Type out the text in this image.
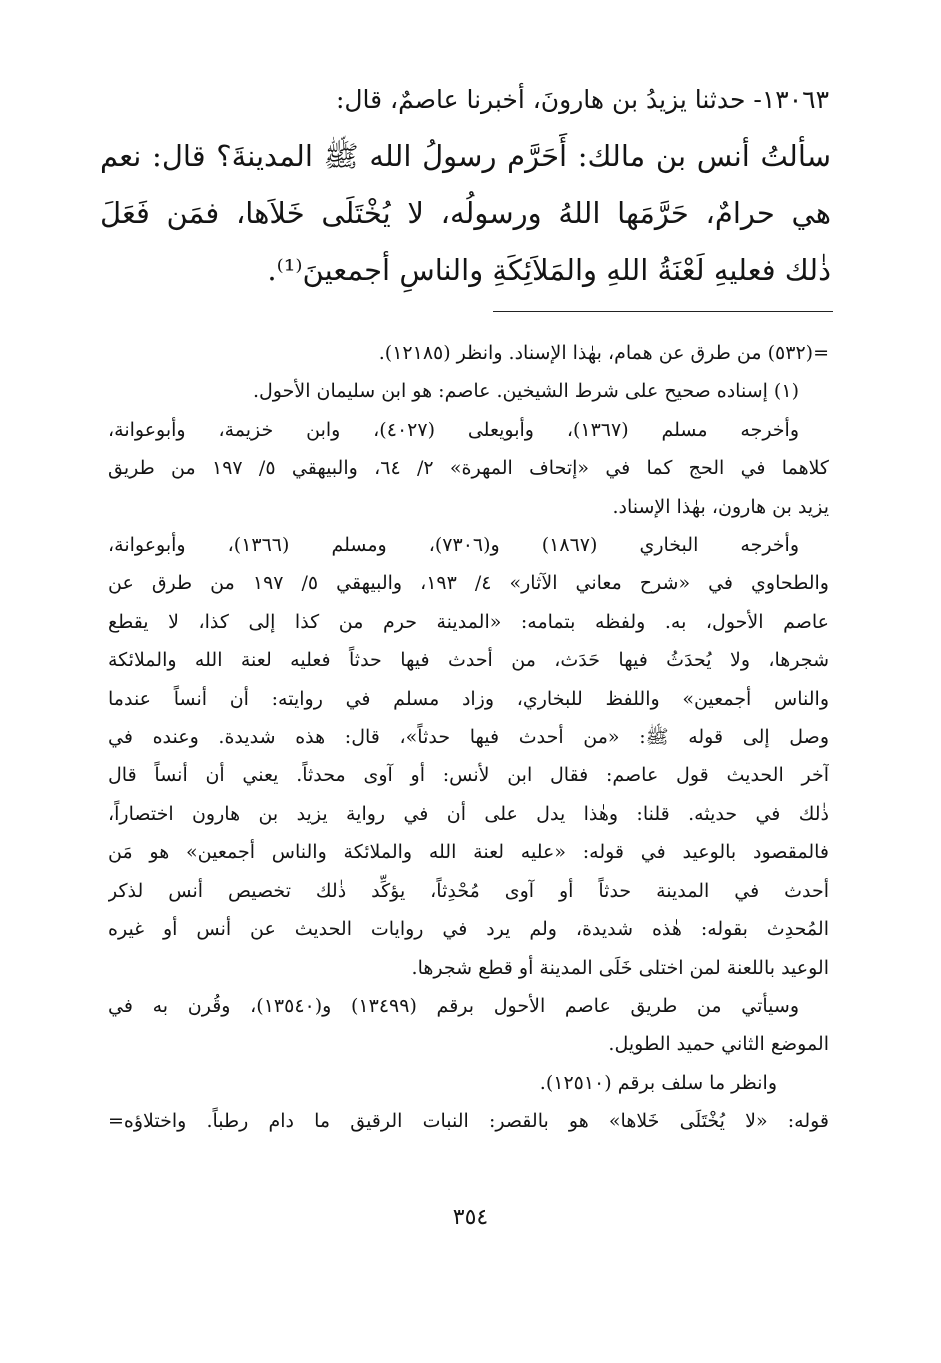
١٣٠٦٣- حدثنا يزيدُ بن هارونَ، أخبرنا عاصمٌ، قال:
سألتُ أنس بن مالك: أَحَرَّم رسولُ الله ﷺ المدينةَ؟ قال: نعم
هي حرامٌ، حَرَّمَها اللهُ ورسولُه، لا يُخْتَلَى خَلاَها، فمَن فَعَلَ
ذٰلك فعليهِ لَعْنَةُ اللهِ والمَلاَئِكَةِ والناسِ أجمعينَ⁽¹⁾.
=(٥٣٢) من طرق عن همام، بهٰذا الإسناد. وانظر (١٢١٨٥).
(١) إسناده صحيح على شرط الشيخين. عاصم: هو ابن سليمان الأحول.
وأخرجه مسلم (١٣٦٧)، وأبويعلى (٤٠٢٧)، وابن خزيمة، وأبوعوانة،
كلاهما في الحج كما في «إتحاف المهرة» ٢/ ٦٤، والبيهقي ٥/ ١٩٧ من طريق
يزيد بن هارون، بهٰذا الإسناد.
وأخرجه البخاري (١٨٦٧) و(٧٣٠٦)، ومسلم (١٣٦٦)، وأبوعوانة،
والطحاوي في «شرح معاني الآثار» ٤/ ١٩٣، والبيهقي ٥/ ١٩٧ من طرق عن
عاصم الأحول، به. ولفظه بتمامه: «المدينة حرم من كذا إلى كذا، لا يقطع
شجرها، ولا يُحدَثُ فيها حَدَث، من أحدث فيها حدثاً فعليه لعنة الله والملائكة
والناس أجمعين» واللفظ للبخاري، وزاد مسلم في روايته: أن أنساً عندما
وصل إلى قوله ﷺ: «من أحدث فيها حدثاً»، قال: هذه شديدة. وعنده في
آخر الحديث قول عاصم: فقال ابن لأنس: أو آوى محدثاً. يعني أن أنساً قال
ذٰلك في حديثه. قلنا: وهٰذا يدل على أن في رواية يزيد بن هارون اختصاراً،
فالمقصود بالوعيد في قوله: «عليه لعنة الله والملائكة والناس أجمعين» هو مَن
أحدث في المدينة حدثاً أو آوى مُحْدِثاً، يؤكِّد ذٰلك تخصيص أنس لذكر
المُحدِث بقوله: هٰذه شديدة، ولم يرد في روايات الحديث عن أنس أو غيره
الوعيد باللعنة لمن اختلى خَلَى المدينة أو قطع شجرها.
وسيأتي من طريق عاصم الأحول برقم (١٣٤٩٩) و(١٣٥٤٠)، وقُرن به في
الموضع الثاني حميد الطويل.
وانظر ما سلف برقم (١٢٥١٠).
قوله: «لا يُخْتَلَى خَلاها» هو بالقصر: النبات الرقيق ما دام رطباً. واختلاؤه=
٣٥٤
